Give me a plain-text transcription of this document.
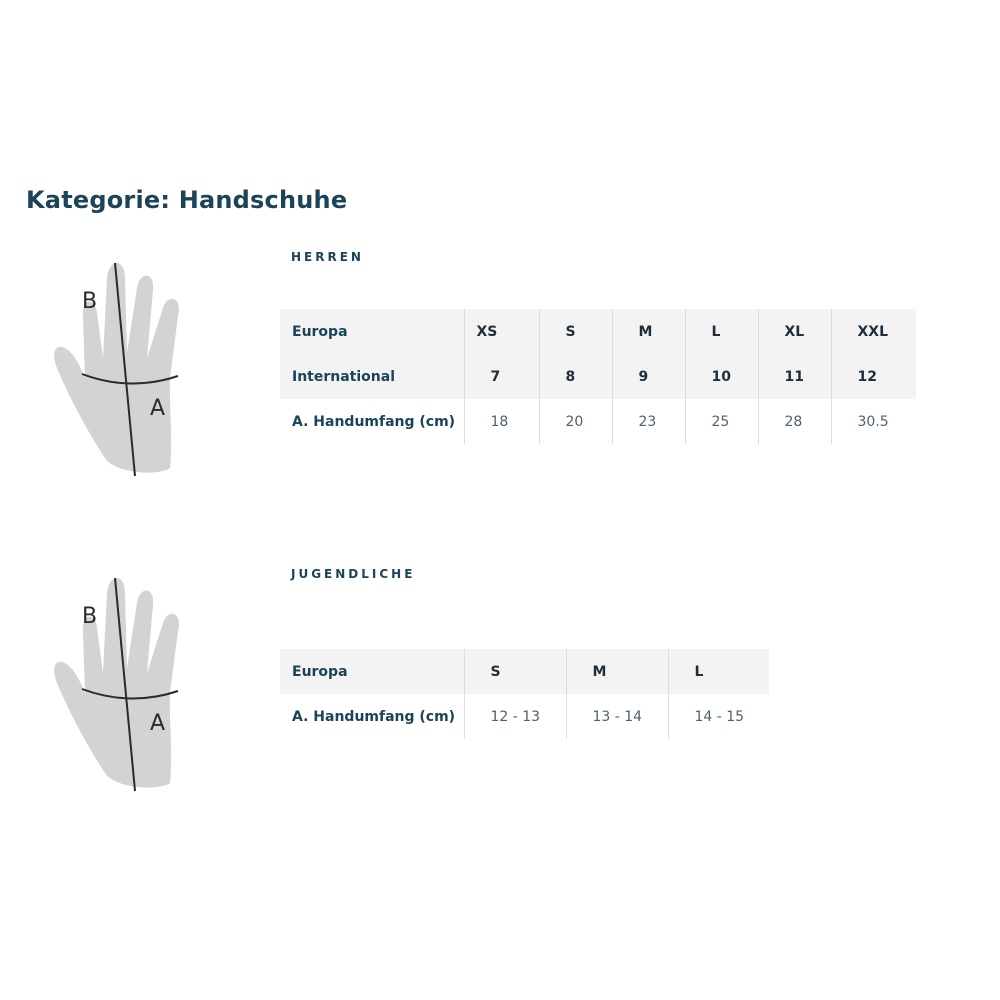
Kategorie: Handschuhe
HERREN
B
A
Europa	XS	S	M	L	XL	XXL
International	7	8	9	10	11	12
A. Handumfang (cm)	18	20	23	25	28	30.5
JUGENDLICHE
B
A
Europa	S	M	L
A. Handumfang (cm)	12 - 13	13 - 14	14 - 15
